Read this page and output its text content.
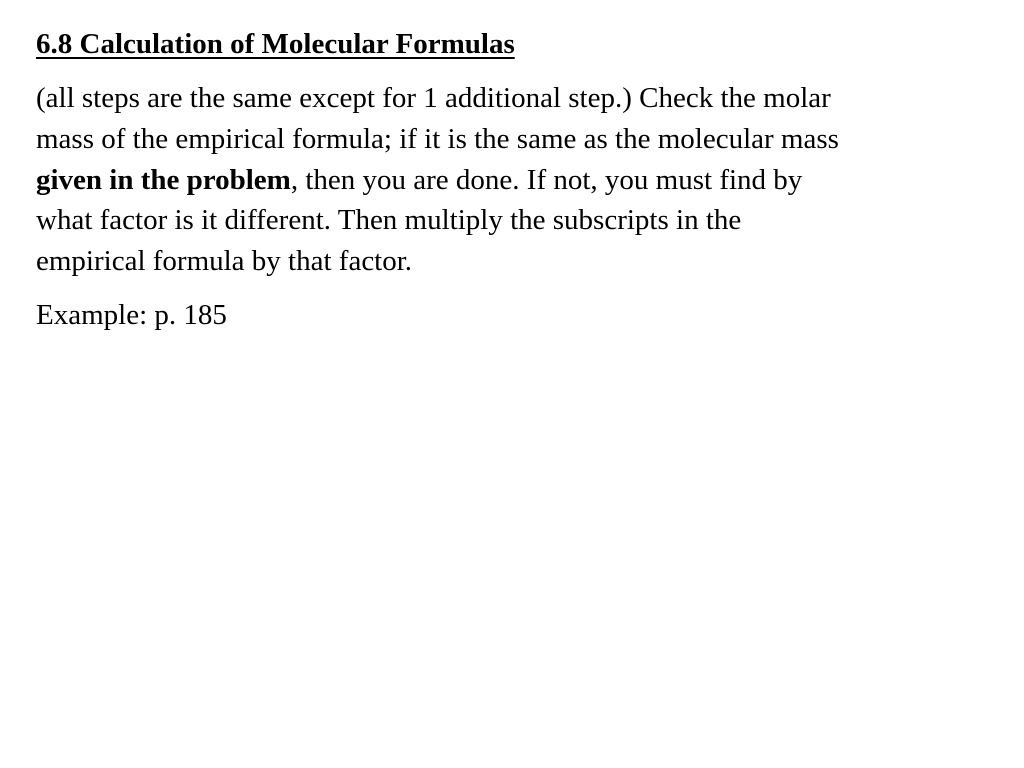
6.8 Calculation of Molecular Formulas

(all steps are the same except for 1 additional step.) Check the molar
mass of the empirical formula; if it is the same as the molecular mass
given in the problem, then you are done. If not, you must find by
what factor is it different. Then multiply the subscripts in the
empirical formula by that factor.

Example: p. 185
